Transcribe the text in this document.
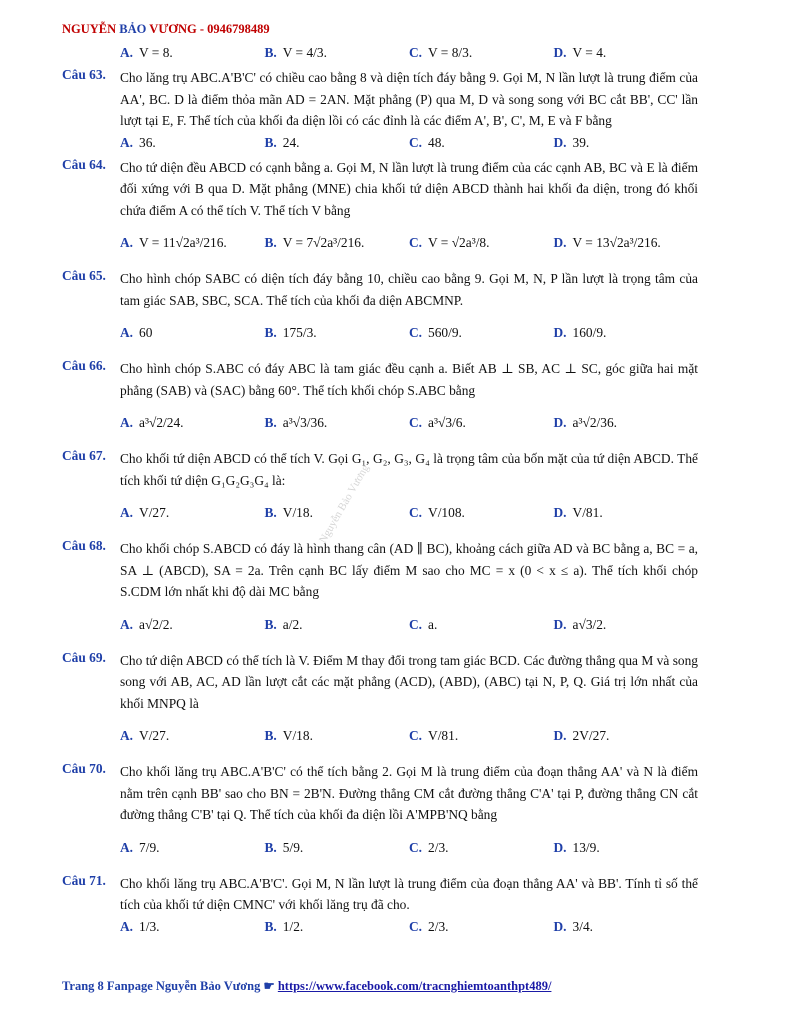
NGUYỄN BẢO VƯƠNG - 0946798489
Nguyễn Bảo Vương
A. V = 8.	B. V = 4/3.	C. V = 8/3.	D. V = 4.
Câu 63. Cho lăng trụ ABC.A'B'C' có chiều cao bằng 8 và diện tích đáy bằng 9. Gọi M, N lần lượt là trung điểm của AA', BC. D là điểm thỏa mãn AD = 2AN. Mặt phẳng (P) qua M, D và song song với BC cắt BB', CC' lần lượt tại E, F. Thể tích của khối đa diện lồi có các đỉnh là các điểm A', B', C', M, E và F bằng
A. 36.	B. 24.	C. 48.	D. 39.
Câu 64. Cho tứ diện đều ABCD có cạnh bằng a. Gọi M, N lần lượt là trung điểm của các cạnh AB, BC và E là điểm đối xứng với B qua D. Mặt phẳng (MNE) chia khối tứ diện ABCD thành hai khối đa diện, trong đó khối chứa điểm A có thể tích V. Thể tích V bằng
A. V = 11√2a³/216.	B. V = 7√2a³/216.	C. V = √2a³/8.	D. V = 13√2a³/216.
Câu 65. Cho hình chóp SABC có diện tích đáy bằng 10, chiều cao bằng 9. Gọi M, N, P lần lượt là trọng tâm của tam giác SAB, SBC, SCA. Thể tích của khối đa diện ABCMNP.
A. 60	B. 175/3.	C. 560/9.	D. 160/9.
Câu 66. Cho hình chóp S.ABC có đáy ABC là tam giác đều cạnh a. Biết AB ⊥ SB, AC ⊥ SC, góc giữa hai mặt phẳng (SAB) và (SAC) bằng 60°. Thể tích khối chóp S.ABC bằng
A. a³√2/24.	B. a³√3/36.	C. a³√3/6.	D. a³√2/36.
Câu 67. Cho khối tứ diện ABCD có thể tích V. Gọi G₁, G₂, G₃, G₄ là trọng tâm của bốn mặt của tứ diện ABCD. Thể tích khối tứ diện G₁G₂G₃G₄ là:
A. V/27.	B. V/18.	C. V/108.	D. V/81.
Câu 68. Cho khối chóp S.ABCD có đáy là hình thang cân (AD ∥ BC), khoảng cách giữa AD và BC bằng a, BC = a, SA ⊥ (ABCD), SA = 2a. Trên cạnh BC lấy điểm M sao cho MC = x (0 < x ≤ a). Thể tích khối chóp S.CDM lớn nhất khi độ dài MC bằng
A. a√2/2.	B. a/2.	C. a.	D. a√3/2.
Câu 69. Cho tứ diện ABCD có thể tích là V. Điểm M thay đổi trong tam giác BCD. Các đường thẳng qua M và song song với AB, AC, AD lần lượt cắt các mặt phẳng (ACD), (ABD), (ABC) tại N, P, Q. Giá trị lớn nhất của khối MNPQ là
A. V/27.	B. V/18.	C. V/81.	D. 2V/27.
Câu 70. Cho khối lăng trụ ABC.A'B'C' có thể tích bằng 2. Gọi M là trung điểm của đoạn thẳng AA' và N là điểm nằm trên cạnh BB' sao cho BN = 2B'N. Đường thẳng CM cắt đường thẳng C'A' tại P, đường thẳng CN cắt đường thẳng C'B' tại Q. Thể tích của khối đa diện lồi A'MPB'NQ bằng
A. 7/9.	B. 5/9.	C. 2/3.	D. 13/9.
Câu 71. Cho khối lăng trụ ABC.A'B'C'. Gọi M, N lần lượt là trung điểm của đoạn thẳng AA' và BB'. Tính tỉ số thể tích của khối tứ diện CMNC' với khối lăng trụ đã cho.
A. 1/3.	B. 1/2.	C. 2/3.	D. 3/4.
Trang 8 Fanpage Nguyễn Bảo Vương ☛ https://www.facebook.com/tracnghiemtoanthpt489/
